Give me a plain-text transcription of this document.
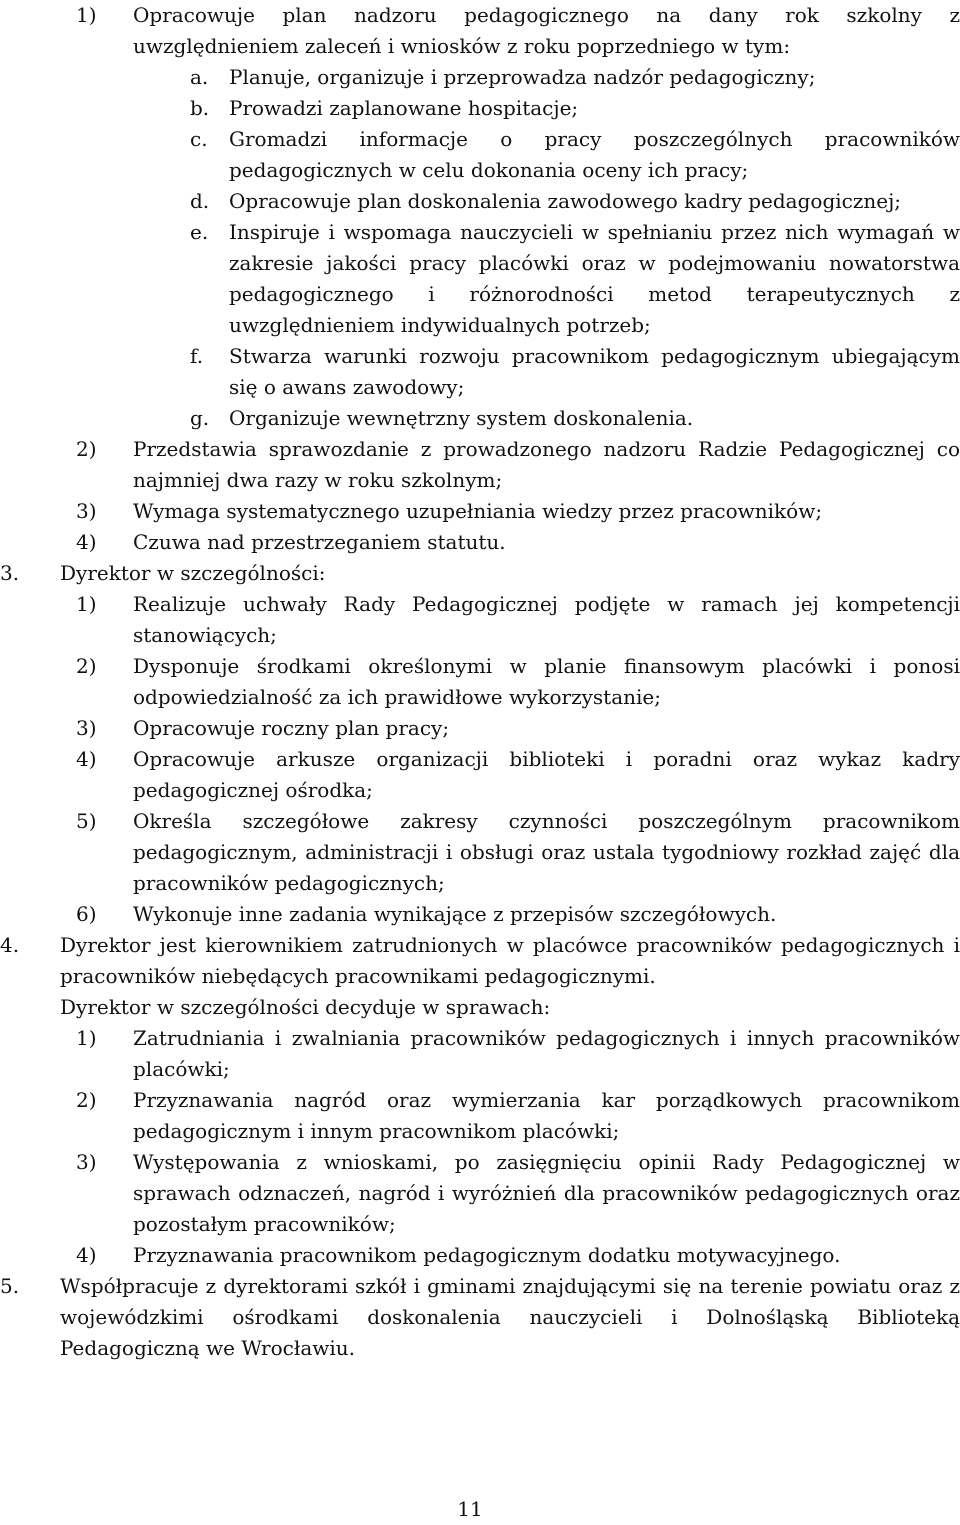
1) Opracowuje plan nadzoru pedagogicznego na dany rok szkolny z uwzględnieniem zaleceń i wniosków z roku poprzedniego w tym:
a. Planuje, organizuje i przeprowadza nadzór pedagogiczny;
b. Prowadzi zaplanowane hospitacje;
c. Gromadzi informacje o pracy poszczególnych pracowników pedagogicznych w celu dokonania oceny ich pracy;
d. Opracowuje plan doskonalenia zawodowego kadry pedagogicznej;
e. Inspiruje i wspomaga nauczycieli w spełnianiu przez nich wymagań w zakresie jakości pracy placówki oraz w podejmowaniu nowatorstwa pedagogicznego i różnorodności metod terapeutycznych z uwzględnieniem indywidualnych potrzeb;
f. Stwarza warunki rozwoju pracownikom pedagogicznym ubiegającym się o awans zawodowy;
g. Organizuje wewnętrzny system doskonalenia.
2) Przedstawia sprawozdanie z prowadzonego nadzoru Radzie Pedagogicznej co najmniej dwa razy w roku szkolnym;
3) Wymaga systematycznego uzupełniania wiedzy przez pracowników;
4) Czuwa nad przestrzeganiem statutu.
3. Dyrektor w szczególności:
1) Realizuje uchwały Rady Pedagogicznej podjęte w ramach jej kompetencji stanowiących;
2) Dysponuje środkami określonymi w planie finansowym placówki i ponosi odpowiedzialność za ich prawidłowe wykorzystanie;
3) Opracowuje roczny plan pracy;
4) Opracowuje arkusze organizacji biblioteki i poradni oraz wykaz kadry pedagogicznej ośrodka;
5) Określa szczegółowe zakresy czynności poszczególnym pracownikom pedagogicznym, administracji i obsługi oraz ustala tygodniowy rozkład zajęć dla pracowników pedagogicznych;
6) Wykonuje inne zadania wynikające z przepisów szczegółowych.
4. Dyrektor jest kierownikiem zatrudnionych w placówce pracowników pedagogicznych i pracowników niebędących pracownikami pedagogicznymi.

Dyrektor w szczególności decyduje w sprawach:

1) Zatrudniania i zwalniania pracowników pedagogicznych i innych pracowników placówki;
2) Przyznawania nagród oraz wymierzania kar porządkowych pracownikom pedagogicznym i innym pracownikom placówki;
3) Występowania z wnioskami, po zasięgnięciu opinii Rady Pedagogicznej w sprawach odznaczeń, nagród i wyróżnień dla pracowników pedagogicznych oraz pozostałym pracowników;
4) Przyznawania pracownikom pedagogicznym dodatku motywacyjnego.
5. Współpracuje z dyrektorami szkół i gminami znajdującymi się na terenie powiatu oraz z wojewódzkimi ośrodkami doskonalenia nauczycieli i Dolnośląską Biblioteką Pedagogiczną we Wrocławiu.
11
